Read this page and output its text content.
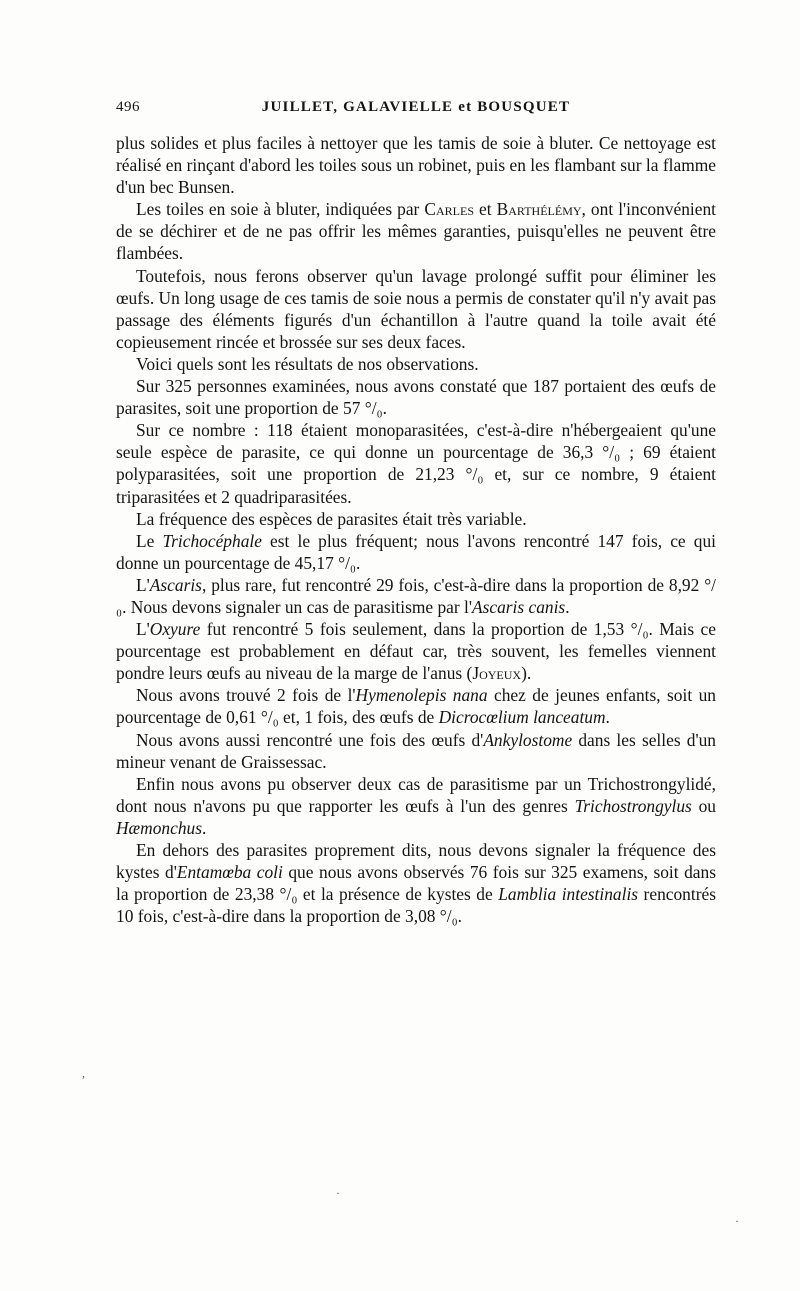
496	JUILLET, GALAVIELLE et BOUSQUET

plus solides et plus faciles à nettoyer que les tamis de soie à bluter. Ce nettoyage est réalisé en rinçant d'abord les toiles sous un robinet, puis en les flambant sur la flamme d'un bec Bunsen.

Les toiles en soie à bluter, indiquées par Carles et Barthélémy, ont l'inconvénient de se déchirer et de ne pas offrir les mêmes garanties, puisqu'elles ne peuvent être flambées.

Toutefois, nous ferons observer qu'un lavage prolongé suffit pour éliminer les œufs. Un long usage de ces tamis de soie nous a permis de constater qu'il n'y avait pas passage des éléments figurés d'un échantillon à l'autre quand la toile avait été copieusement rincée et brossée sur ses deux faces.

Voici quels sont les résultats de nos observations.

Sur 325 personnes examinées, nous avons constaté que 187 portaient des œufs de parasites, soit une proportion de 57 °/₀.

Sur ce nombre : 118 étaient monoparasitées, c'est-à-dire n'hébergeaient qu'une seule espèce de parasite, ce qui donne un pourcentage de 36,3 °/₀ ; 69 étaient polyparasitées, soit une proportion de 21,23 °/₀ et, sur ce nombre, 9 étaient triparasitées et 2 quadriparasitées.

La fréquence des espèces de parasites était très variable.

Le Trichocéphale est le plus fréquent; nous l'avons rencontré 147 fois, ce qui donne un pourcentage de 45,17 °/₀.

L'Ascaris, plus rare, fut rencontré 29 fois, c'est-à-dire dans la proportion de 8,92 °/₀. Nous devons signaler un cas de parasitisme par l'Ascaris canis.

L'Oxyure fut rencontré 5 fois seulement, dans la proportion de 1,53 °/₀. Mais ce pourcentage est probablement en défaut car, très souvent, les femelles viennent pondre leurs œufs au niveau de la marge de l'anus (Joyeux).

Nous avons trouvé 2 fois de l'Hymenolepis nana chez de jeunes enfants, soit un pourcentage de 0,61 °/₀ et, 1 fois, des œufs de Dicrocœlium lanceatum.

Nous avons aussi rencontré une fois des œufs d'Ankylostome dans les selles d'un mineur venant de Graissessac.

Enfin nous avons pu observer deux cas de parasitisme par un Trichostrongylidé, dont nous n'avons pu que rapporter les œufs à l'un des genres Trichostrongylus ou Hæmonchus.

En dehors des parasites proprement dits, nous devons signaler la fréquence des kystes d'Entamœba coli que nous avons observés 76 fois sur 325 examens, soit dans la proportion de 23,38 °/₀ et la présence de kystes de Lamblia intestinalis rencontrés 10 fois, c'est-à-dire dans la proportion de 3,08 °/₀.

·
·
,
